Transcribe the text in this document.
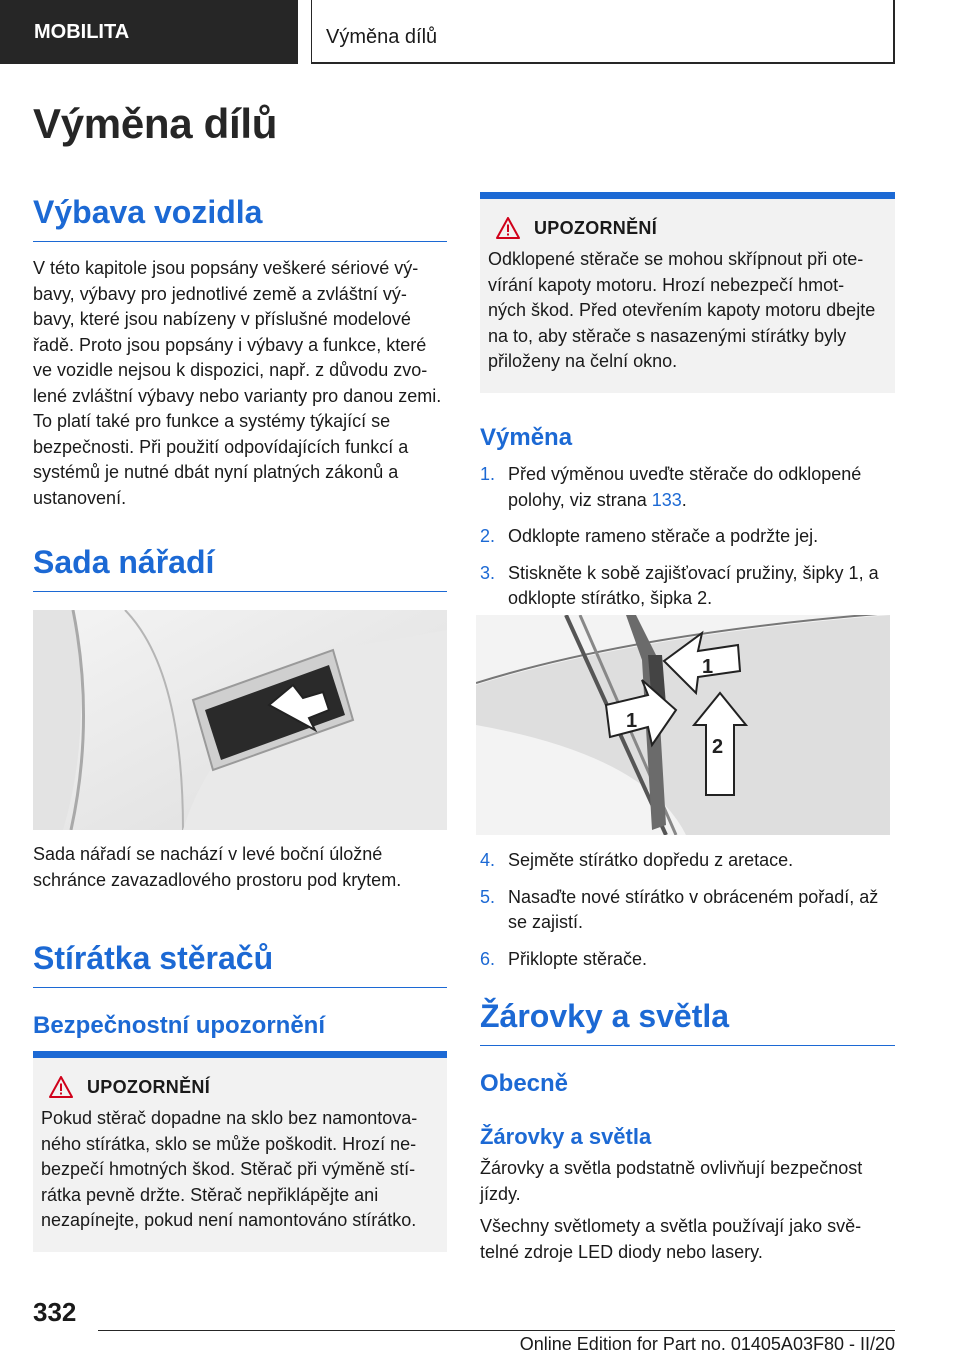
MOBILITA	Výměna dílů
Výměna dílů
Výbava vozidla

V této kapitole jsou popsány veškeré sériové vý‐ bavy, výbavy pro jednotlivé země a zvláštní vý‐ bavy, které jsou nabízeny v příslušné modelové řadě. Proto jsou popsány i výbavy a funkce, které ve vozidle nejsou k dispozici, např. z důvodu zvo‐ lené zvláštní výbavy nebo varianty pro danou zemi. To platí také pro funkce a systémy týkající se bezpečnosti. Při použití odpovídajících funkcí a systémů je nutné dbát nyní platných zákonů a ustanovení.

Sada nářadí

Sada nářadí se nachází v levé boční úložné schránce zavazadlového prostoru pod krytem.

Stírátka stěračů
Bezpečnostní upozornění
UPOZORNĚNÍ

Pokud stěrač dopadne na sklo bez namontova‐ ného stírátka, sklo se může poškodit. Hrozí ne‐ bezpečí hmotných škod. Stěrač při výměně stí‐ rátka pevně držte. Stěrač nepřiklápějte ani nezapínejte, pokud není namontováno stírátko.

UPOZORNĚNÍ

Odklopené stěrače se mohou skřípnout při ote‐ vírání kapoty motoru. Hrozí nebezpečí hmot‐ ných škod. Před otevřením kapoty motoru dbejte na to, aby stěrače s nasazenými stírátky byly přiloženy na čelní okno.

Výměna
1. Před výměnou uveďte stěrače do odklopené polohy, viz strana 133.
2. Odklopte rameno stěrače a podržte jej.
3. Stiskněte k sobě zajišťovací pružiny, šipky 1, a odklopte stírátko, šipka 2.
1
1
2
4. Sejměte stírátko dopředu z aretace.
5. Nasaďte nové stírátko v obráceném pořadí, až se zajistí.
6. Přiklopte stěrače.
Žárovky a světla
Obecně
Žárovky a světla

Žárovky a světla podstatně ovlivňují bezpečnost jízdy.

Všechny světlomety a světla používají jako svě‐ telné zdroje LED diody nebo lasery.

332

Online Edition for Part no. 01405A03F80 - II/20
